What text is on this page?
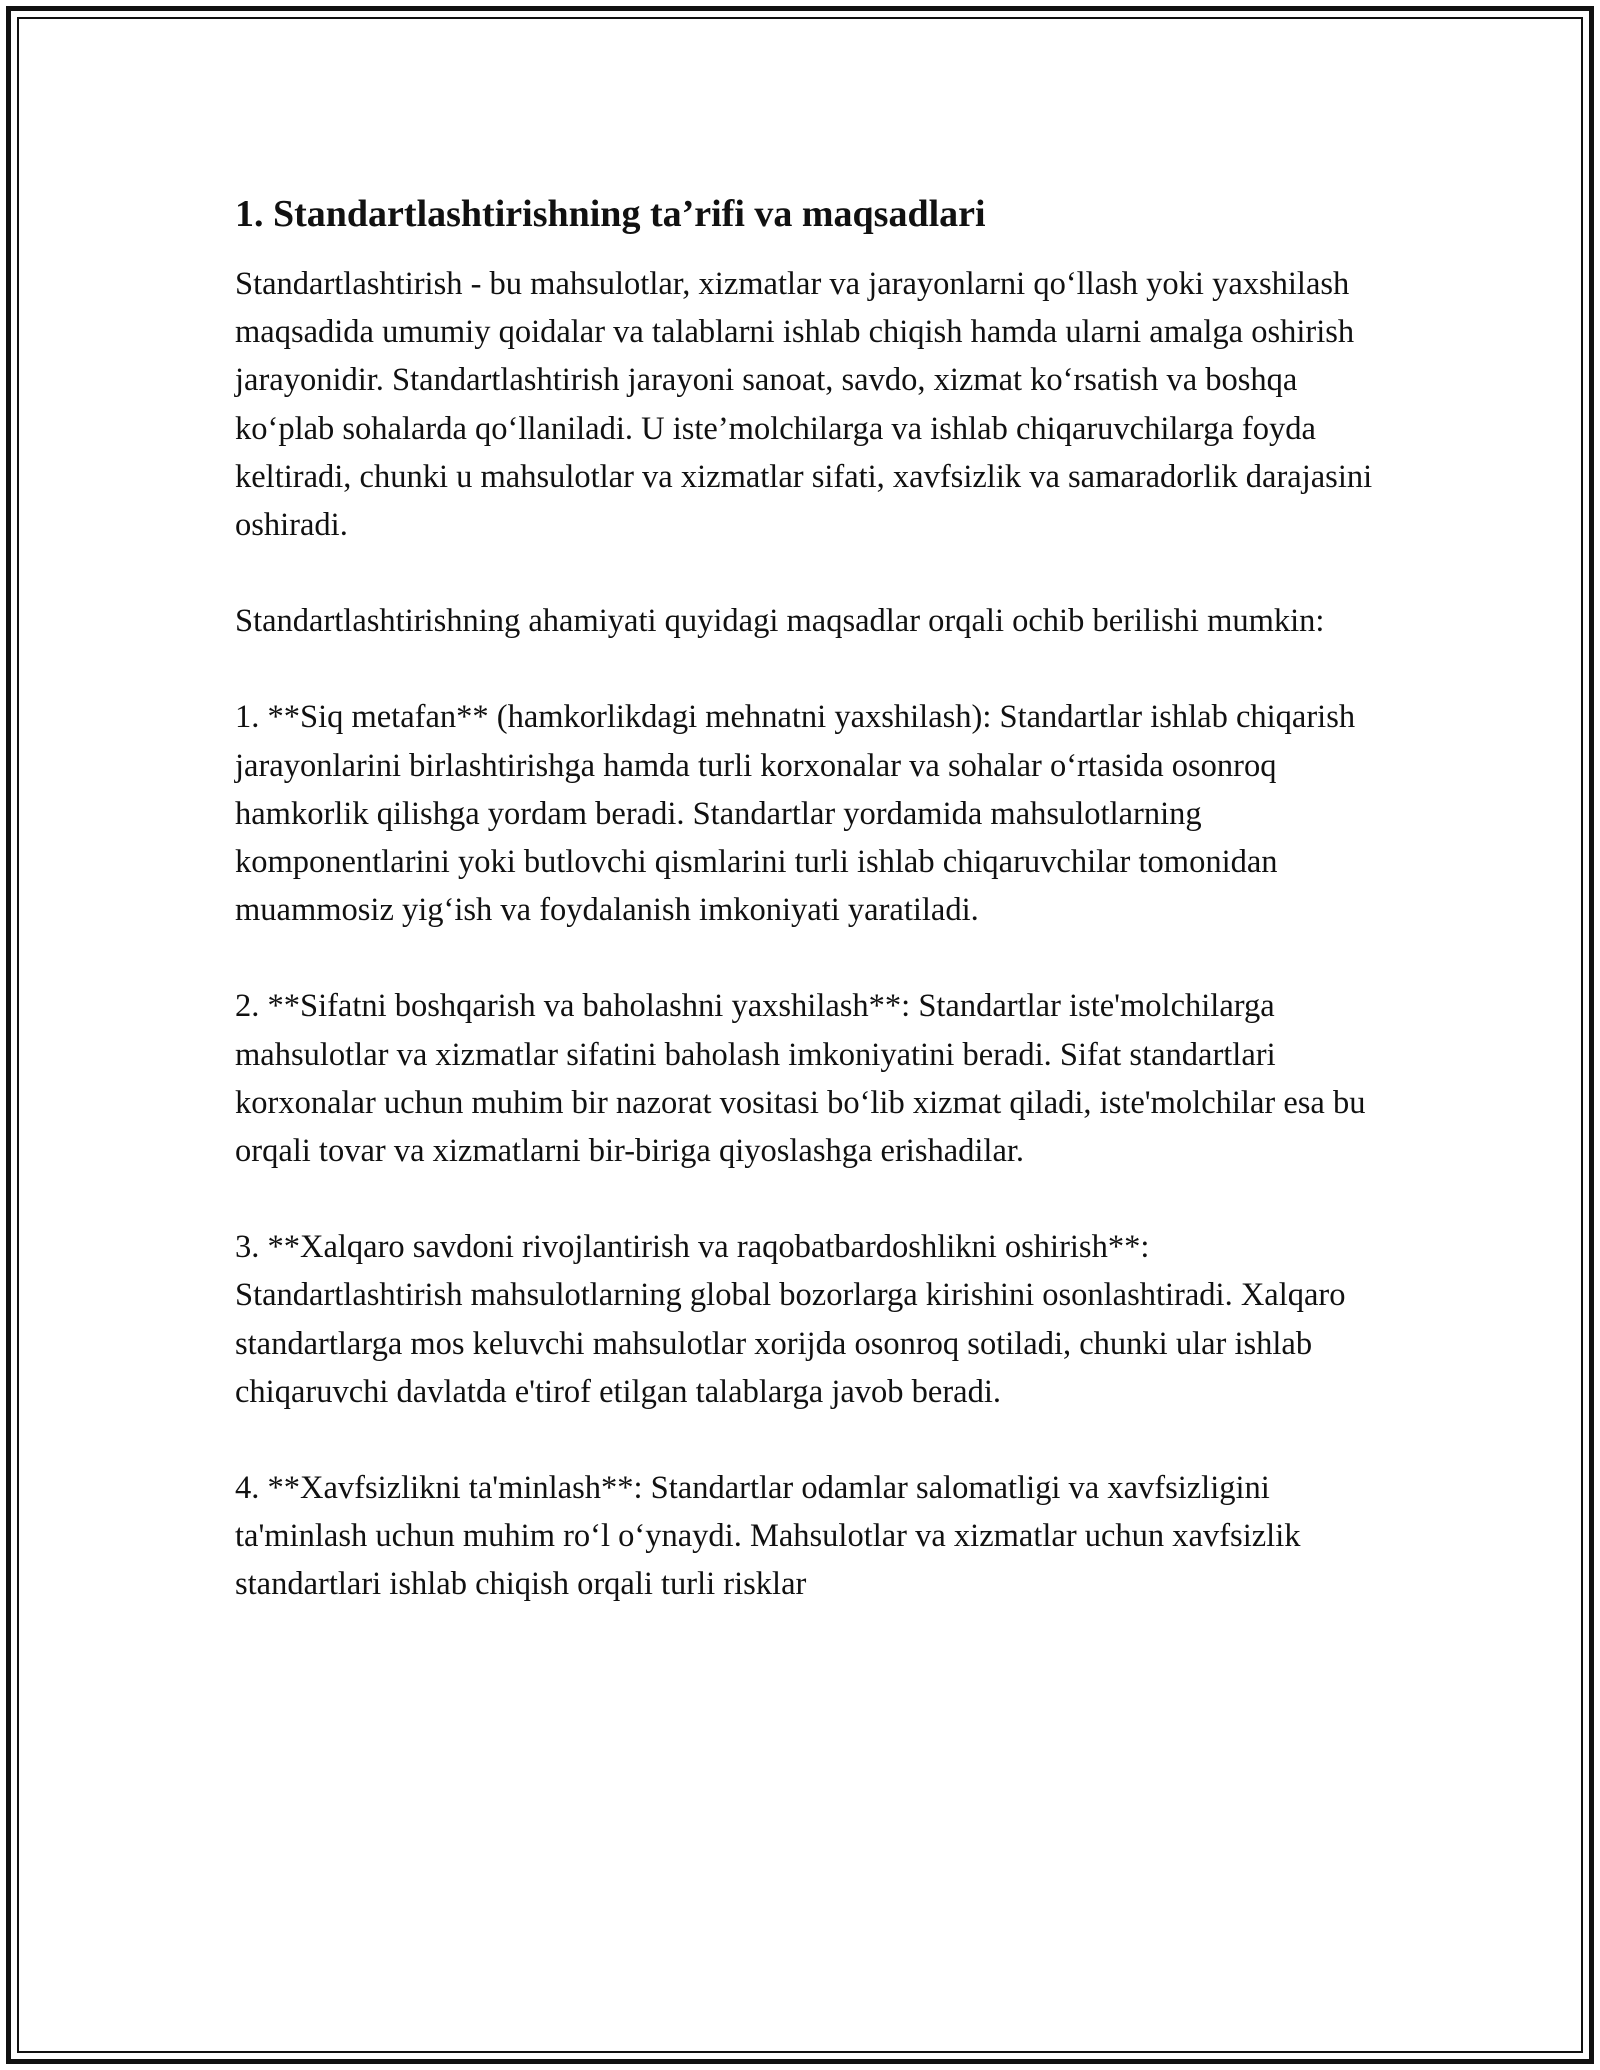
1. Standartlashtirishning ta’rifi va maqsadlari

Standartlashtirish - bu mahsulotlar, xizmatlar va jarayonlarni qo‘llash yoki yaxshilash maqsadida umumiy qoidalar va talablarni ishlab chiqish hamda ularni amalga oshirish jarayonidir. Standartlashtirish jarayoni sanoat, savdo, xizmat ko‘rsatish va boshqa ko‘plab sohalarda qo‘llaniladi. U iste’molchilarga va ishlab chiqaruvchilarga foyda keltiradi, chunki u mahsulotlar va xizmatlar sifati, xavfsizlik va samaradorlik darajasini oshiradi.

Standartlashtirishning ahamiyati quyidagi maqsadlar orqali ochib berilishi mumkin:

1. **Siq metafan** (hamkorlikdagi mehnatni yaxshilash): Standartlar ishlab chiqarish jarayonlarini birlashtirishga hamda turli korxonalar va sohalar o‘rtasida osonroq hamkorlik qilishga yordam beradi. Standartlar yordamida mahsulotlarning komponentlarini yoki butlovchi qismlarini turli ishlab chiqaruvchilar tomonidan muammosiz yig‘ish va foydalanish imkoniyati yaratiladi.

2. **Sifatni boshqarish va baholashni yaxshilash**: Standartlar iste'molchilarga mahsulotlar va xizmatlar sifatini baholash imkoniyatini beradi. Sifat standartlari korxonalar uchun muhim bir nazorat vositasi bo‘lib xizmat qiladi, iste'molchilar esa bu orqali tovar va xizmatlarni bir-biriga qiyoslashga erishadilar.

3. **Xalqaro savdoni rivojlantirish va raqobatbardoshlikni oshirish**: Standartlashtirish mahsulotlarning global bozorlarga kirishini osonlashtiradi. Xalqaro standartlarga mos keluvchi mahsulotlar xorijda osonroq sotiladi, chunki ular ishlab chiqaruvchi davlatda e'tirof etilgan talablarga javob beradi.

4. **Xavfsizlikni ta'minlash**: Standartlar odamlar salomatligi va xavfsizligini ta'minlash uchun muhim ro‘l o‘ynaydi. Mahsulotlar va xizmatlar uchun xavfsizlik standartlari ishlab chiqish orqali turli risklar
